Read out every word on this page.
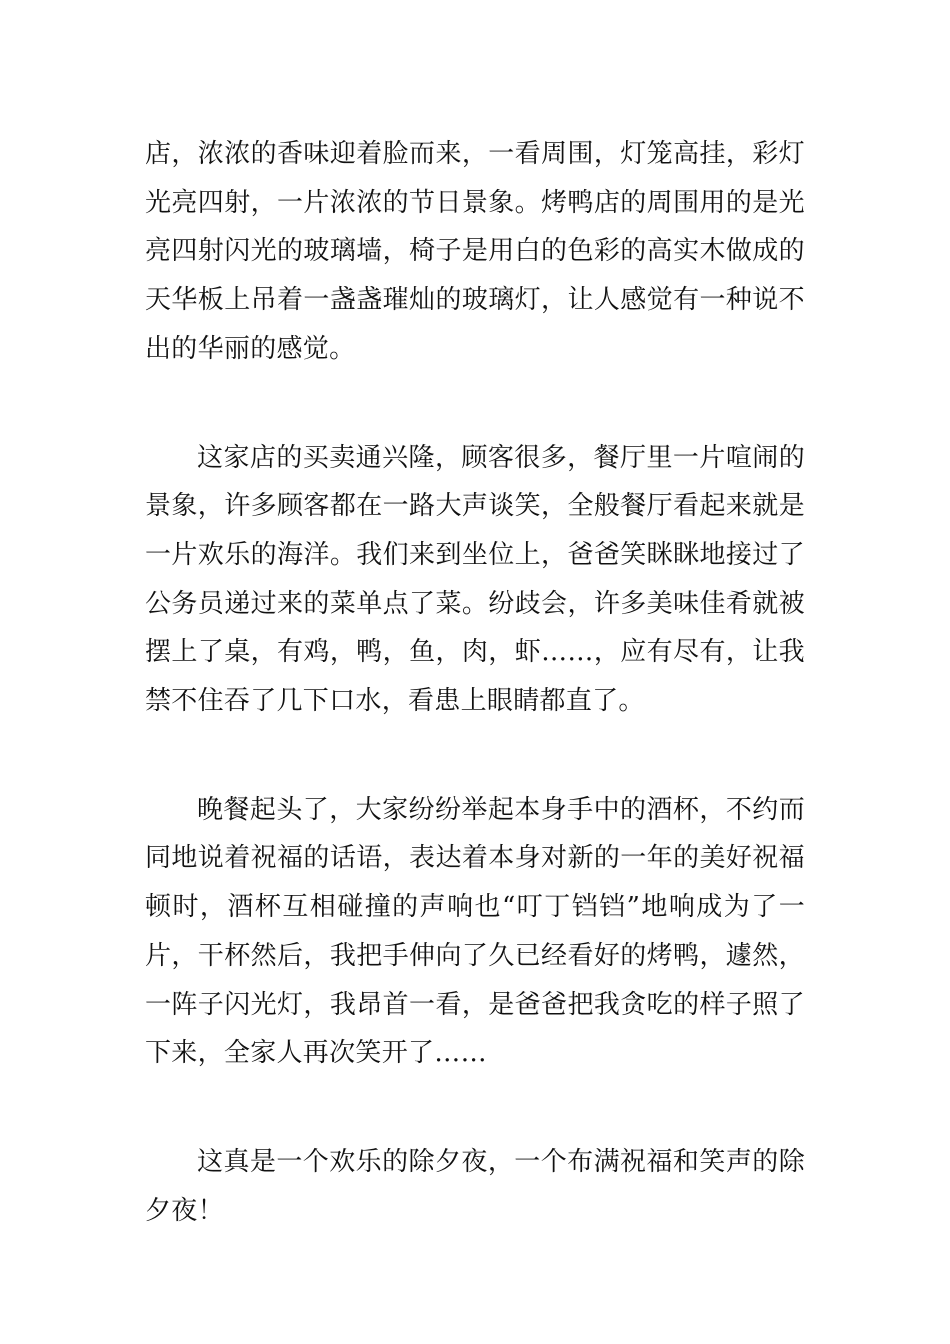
店，浓浓的香味迎着脸而来，一看周围，灯笼高挂，彩灯光亮四射，一片浓浓的节日景象。烤鸭店的周围用的是光亮四射闪光的玻璃墙，椅子是用白的色彩的高实木做成的天华板上吊着一盏盏璀灿的玻璃灯，让人感觉有一种说不出的华丽的感觉。

这家店的买卖通兴隆，顾客很多，餐厅里一片喧闹的景象，许多顾客都在一路大声谈笑，全般餐厅看起来就是一片欢乐的海洋。我们来到坐位上，爸爸笑眯眯地接过了公务员递过来的菜单点了菜。纷歧会，许多美味佳肴就被摆上了桌，有鸡，鸭，鱼，肉，虾……，应有尽有，让我禁不住吞了几下口水，看患上眼睛都直了。

晚餐起头了，大家纷纷举起本身手中的酒杯，不约而同地说着祝福的话语，表达着本身对新的一年的美好祝福顿时，酒杯互相碰撞的声响也“叮丁铛铛”地响成为了一片，干杯然后，我把手伸向了久已经看好的烤鸭，遽然，一阵子闪光灯，我昂首一看，是爸爸把我贪吃的样子照了下来，全家人再次笑开了……

这真是一个欢乐的除夕夜，一个布满祝福和笑声的除夕夜！
